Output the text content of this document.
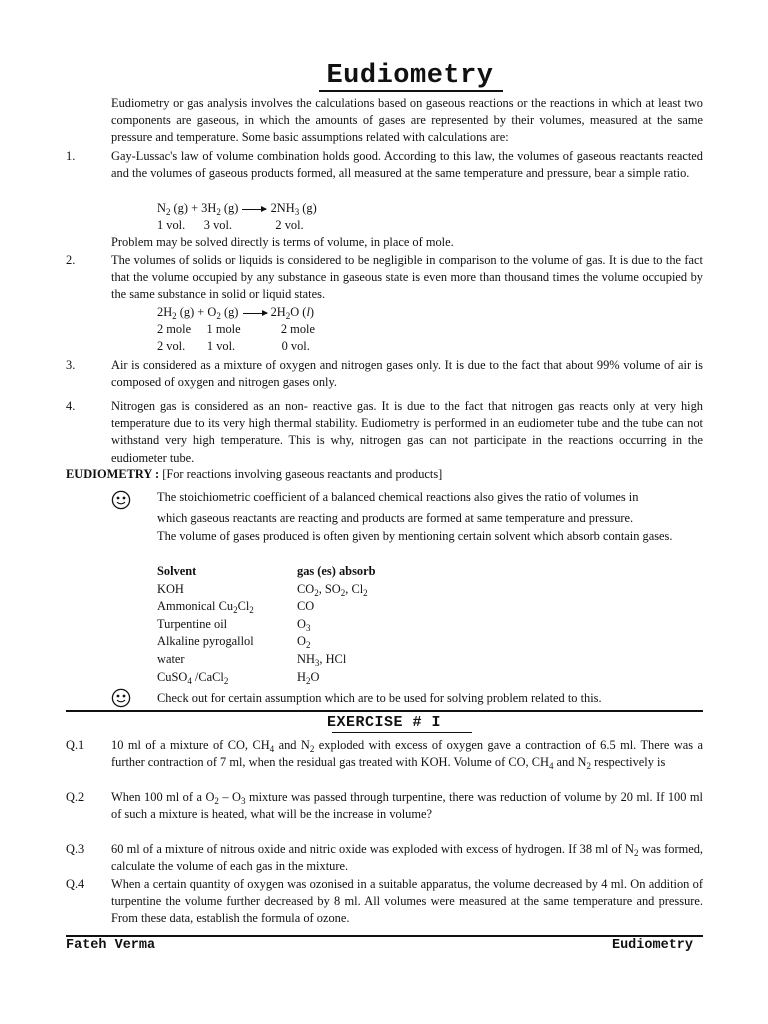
Eudiometry
Eudiometry or gas analysis involves the calculations based on gaseous reactions or the reactions in which at least two components are gaseous, in which the amounts of gases are represented by their volumes, measured at the same pressure and temperature. Some basic assumptions related with calculations are:
1.	Gay-Lussac's law of volume combination holds good. According to this law, the volumes of gaseous reactants reacted and the volumes of gaseous products formed, all measured at the same temperature and pressure, bear a simple ratio.
$N_2$ $(g) + 3H_2$ (g)  $2NH_3$ (g)
1 vol.      3 vol.              2 vol.
Problem may be solved directly is terms of volume, in place of mole.
2.	The volumes of solids or liquids is considered to be negligible in comparison to the volume of gas. It is due to the fact that the volume occupied by any substance in gaseous state is even more than thousand times the volume occupied by the same substance in solid or liquid states.
$2H_2$ $(g) + O_2$ (g)  $2H_2O$ (l)
2 mole     1 mole             2 mole
2 vol.       1 vol.               0 vol.
3.	Air is considered as a mixture of oxygen and nitrogen gases only. It is due to the fact that about 99% volume of air is composed of oxygen and nitrogen gases only.
4.	Nitrogen gas is considered as an non- reactive gas. It is due to the fact that nitrogen gas reacts only at very high temperature due to its very high thermal stability. Eudiometry is performed in an eudiometer tube and the tube can not withstand very high temperature. This is why, nitrogen gas can not participate in the reactions occurring in the eudiometer tube.
EUDIOMETRY : [For reactions involving gaseous reactants and products]
The stoichiometric coefficient of a balanced chemical reactions also gives the ratio of volumes in
which gaseous reactants are reacting and products are formed at same temperature and pressure.
The volume of gases produced is often given by mentioning certain solvent which absorb contain gases.
Solvent	gas (es) absorb
KOH	$CO_2$, $SO_2$, $Cl_2$
Ammonical $Cu_2Cl_2$	CO
Turpentine oil	$O_3$
Alkaline pyrogallol	$O_2$
water	$NH_3$, HCl
CuSO$_4$ /CaCl$_2$	$H_2O$
Check out for certain assumption which are to be used for solving problem related to this.
EXERCISE # I
Q.1 10 ml of a mixture of CO, $CH_4$ and $N_2$ exploded with excess of oxygen gave a contraction of 6.5 ml. There was a further contraction of 7 ml, when the residual gas treated with KOH. Volume of CO, $CH_4$ and $N_2$ respectively is

Q.2 When 100 ml of a $O_2 - O_3$ mixture was passed through turpentine, there was reduction of volume by 20 ml. If 100 ml of such a mixture is heated, what will be the increase in volume?

Q.3 60 ml of a mixture of nitrous oxide and nitric oxide was exploded with excess of hydrogen. If 38 ml of $N_2$ was formed, calculate the volume of each gas in the mixture.

Q.4 When a certain quantity of oxygen was ozonised in a suitable apparatus, the volume decreased by 4 ml. On addition of turpentine the volume further decreased by 8 ml. All volumes were measured at the same temperature and pressure. From these data, establish the formula of ozone.
Fateh Verma	Eudiometry
